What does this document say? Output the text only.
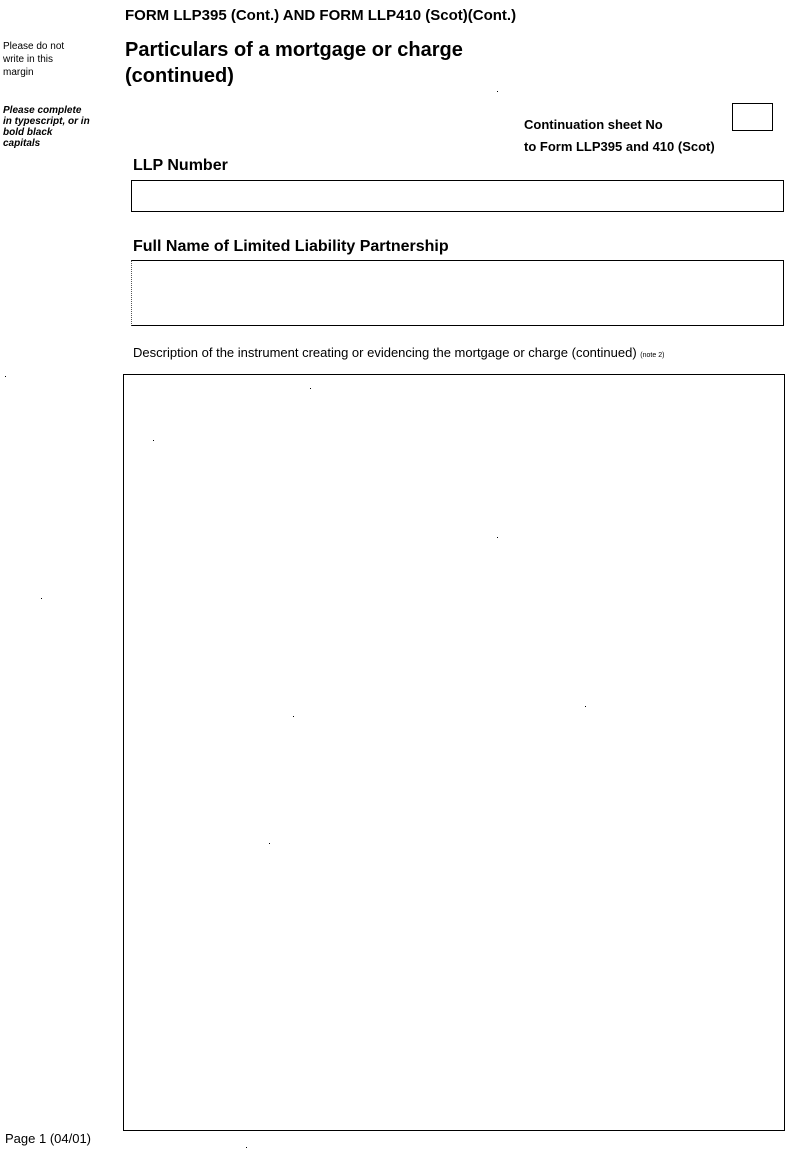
FORM LLP395 (Cont.) AND FORM LLP410 (Scot)(Cont.)
Particulars of a mortgage or charge
(continued)
Please do not
write in this
margin
Please complete
in typescript, or in
bold black
capitals
Continuation sheet No
to Form LLP395 and 410 (Scot)
LLP Number
Full Name of Limited Liability Partnership
Description of the instrument creating or evidencing the mortgage or charge (continued) (note 2)
Page 1 (04/01)
